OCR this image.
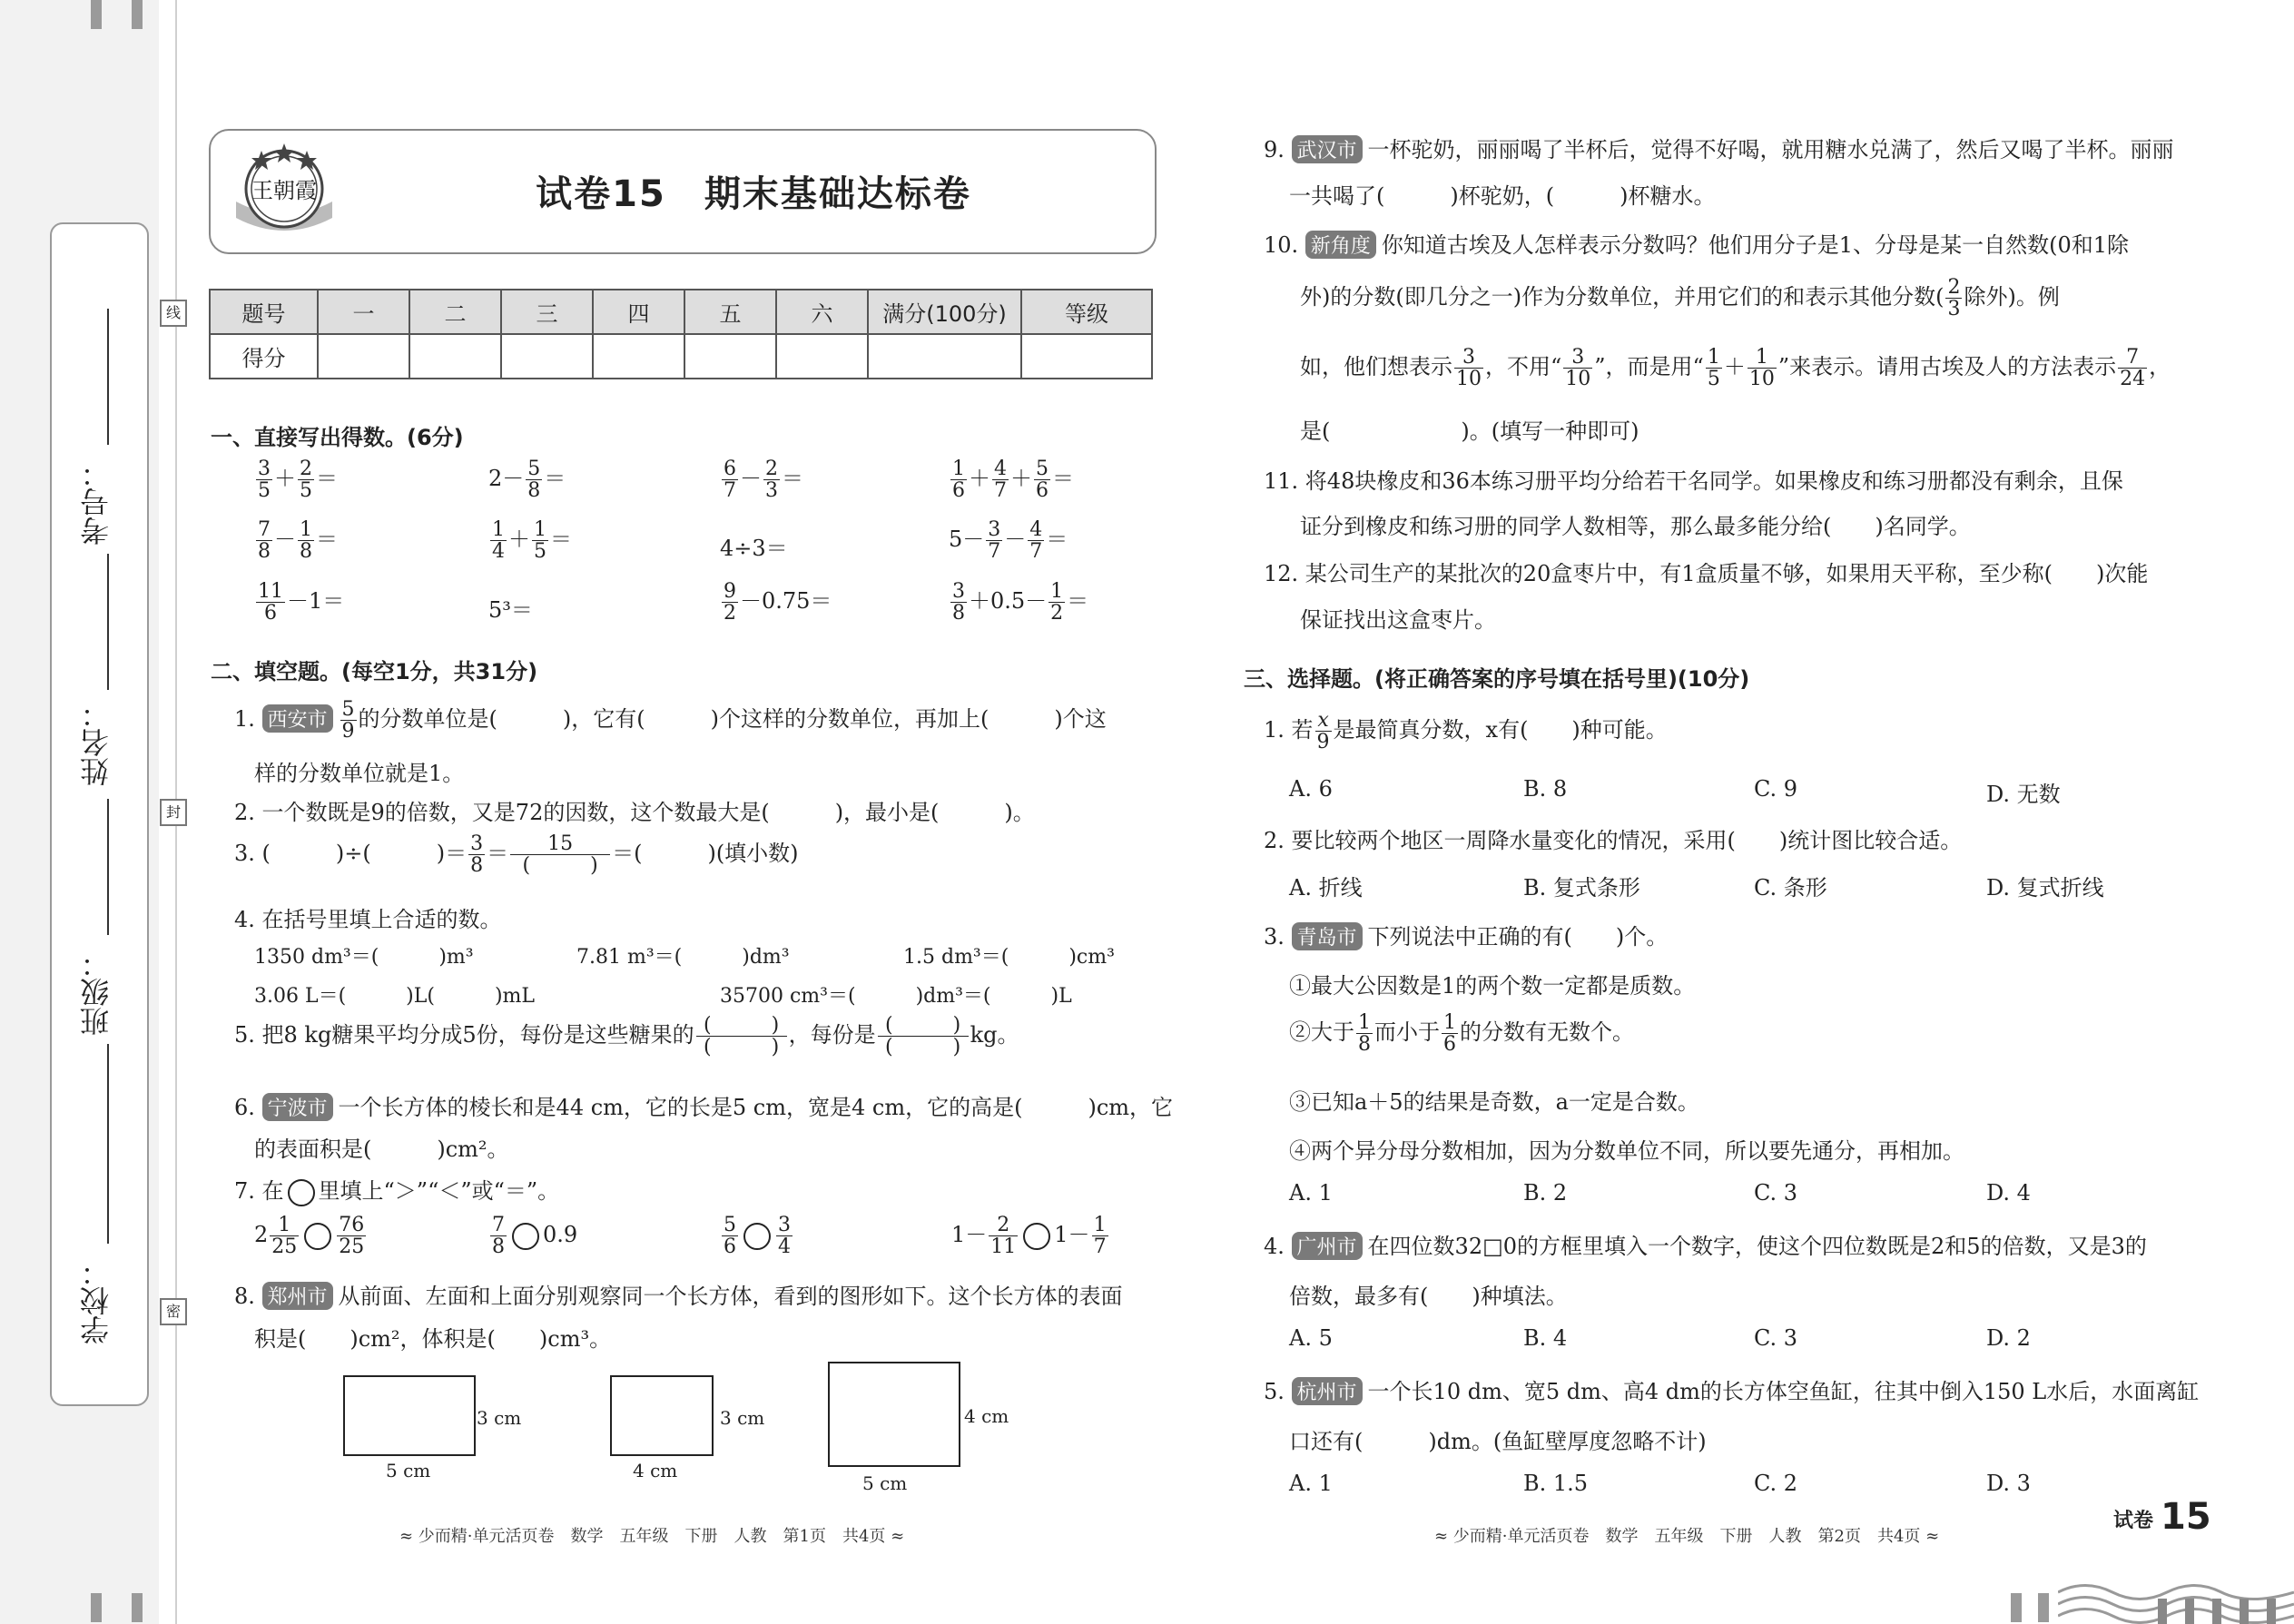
考号：
姓名：
班级：
学校：
线
封
密
王朝霞	试卷15　期末基础达标卷
题号	一	二	三	四	五	六	满分(100分)	等级
得分								
一、直接写出得数。(6分)
$\frac{3}{5} + \frac{2}{5}$ ＝	$2- \frac{5}{8}$ ＝	$\frac{6}{7} - \frac{2}{3}$ ＝	$\frac{1}{6} + \frac{4}{7} + \frac{5}{6}$ ＝
$\frac{7}{8} - \frac{1}{8}$ ＝	$\frac{1}{4} + \frac{1}{5}$ ＝	4÷3＝	$5- \frac{3}{7} - \frac{4}{7}$ ＝
$\frac{11}{6} -1=$	5³＝	$\frac{9}{2} -0.75=$	$\frac{3}{8} +0.5- \frac{1}{2}$ ＝
二、填空题。(每空1分，共31分)
1. 西安市 $\frac{5}{9}$ 的分数单位是(　　　)，它有(　　　)个这样的分数单位，再加上(　　　)个这
样的分数单位就是1。
2. 一个数既是9的倍数，又是72的因数，这个数最大是(　　　)，最小是(　　　)。
3. (　　　)÷(　　　)＝ $\frac{3}{8} = \frac{15}{( )}$ ＝(　　　)(填小数)
4. 在括号里填上合适的数。
1350 dm³＝(　　　)m³	7.81 m³＝(　　　)dm³	1.5 dm³＝(　　　)cm³
3.06 L＝(　　　)L(　　　)mL	35700 cm³＝(　　　)dm³＝(　　　)L
5. 把8 kg糖果平均分成5份，每份是这些糖果的 $\frac{( )}{( )}$ ，每份是 $\frac{( )}{( )}$ kg。
6. 宁波市 一个长方体的棱长和是44 cm，它的长是5 cm，宽是4 cm，它的高是(　　　)cm，它
的表面积是(　　　)cm²。
7. 在 里填上“＞”“＜”或“＝”。
$2 \frac{1}{25} \frac{76}{25}$	$\frac{7}{8} 0.9$	$\frac{5}{6} \frac{3}{4}$	$1- \frac{2}{11} 1- \frac{1}{7}$
8. 郑州市 从前面、左面和上面分别观察同一个长方体，看到的图形如下。这个长方体的表面
积是(　　)cm²，体积是(　　)cm³。
3 cm
5 cm
3 cm
4 cm
4 cm
5 cm
≈ 少而精·单元活页卷　数学　五年级　下册　人教　第1页　共4页 ≈
9. 武汉市 一杯驼奶，丽丽喝了半杯后，觉得不好喝，就用糖水兑满了，然后又喝了半杯。丽丽
一共喝了(　　　)杯驼奶，(　　　)杯糖水。
10. 新角度 你知道古埃及人怎样表示分数吗？他们用分子是1、分母是某一自然数(0和1除
外)的分数(即几分之一)作为分数单位，并用它们的和表示其他分数( $\frac{2}{3}$ 除外)。例
如，他们想表示 $\frac{3}{10}$ ，不用“ $\frac{3}{10}$ ”，而是用“ $\frac{1}{5} + \frac{1}{10}$ ”来表示。请用古埃及人的方法表示 $\frac{7}{24}$ ，
是(　　　　　　)。(填写一种即可)
11. 将48块橡皮和36本练习册平均分给若干名同学。如果橡皮和练习册都没有剩余，且保
证分到橡皮和练习册的同学人数相等，那么最多能分给(　　)名同学。
12. 某公司生产的某批次的20盒枣片中，有1盒质量不够，如果用天平称，至少称(　　)次能
保证找出这盒枣片。
三、选择题。(将正确答案的序号填在括号里)(10分)
1. 若 $\frac{x}{9}$ 是最简真分数，x有(　　)种可能。
A. 6	B. 8	C. 9	D. 无数
2. 要比较两个地区一周降水量变化的情况，采用(　　)统计图比较合适。
A. 折线	B. 复式条形	C. 条形	D. 复式折线
3. 青岛市 下列说法中正确的有(　　)个。
①最大公因数是1的两个数一定都是质数。
②大于 $\frac{1}{8}$ 而小于 $\frac{1}{6}$ 的分数有无数个。
③已知a＋5的结果是奇数，a一定是合数。
④两个异分母分数相加，因为分数单位不同，所以要先通分，再相加。
A. 1	B. 2	C. 3	D. 4
4. 广州市 在四位数32□0的方框里填入一个数字，使这个四位数既是2和5的倍数，又是3的
倍数，最多有(　　)种填法。
A. 5	B. 4	C. 3	D. 2
5. 杭州市 一个长10 dm、宽5 dm、高4 dm的长方体空鱼缸，往其中倒入150 L水后，水面离缸
口还有(　　　)dm。(鱼缸壁厚度忽略不计)
A. 1	B. 1.5	C. 2	D. 3
≈ 少而精·单元活页卷　数学　五年级　下册　人教　第2页　共4页 ≈
试卷 15
